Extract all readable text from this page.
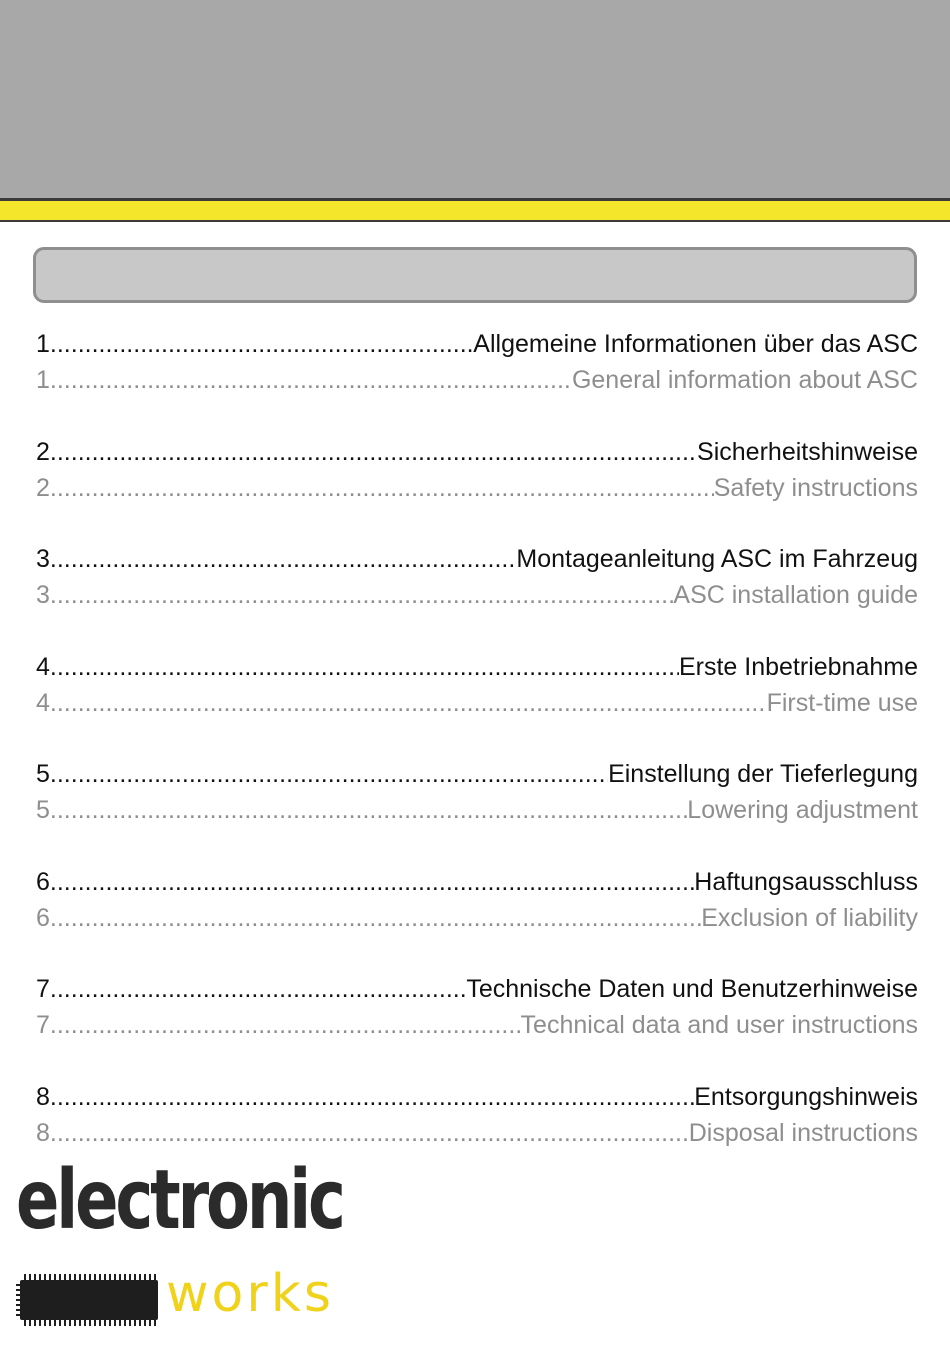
1 .....	Allgemeine Informationen über das ASC
1 .....	General information about ASC
2 .....	Sicherheitshinweise
2 .....	Safety instructions
3 .....	Montageanleitung ASC im Fahrzeug
3 .....	ASC installation guide
4 .....	Erste Inbetriebnahme
4 .....	First-time use
5 .....	Einstellung der Tieferlegung
5 .....	Lowering adjustment
6 .....	Haftungsausschluss
6 .....	Exclusion of liability
7 .....	Technische Daten und Benutzerhinweise
7 .....	Technical data and user instructions
8 .....	Entsorgungshinweis
8 .....	Disposal instructions
electronic
works
